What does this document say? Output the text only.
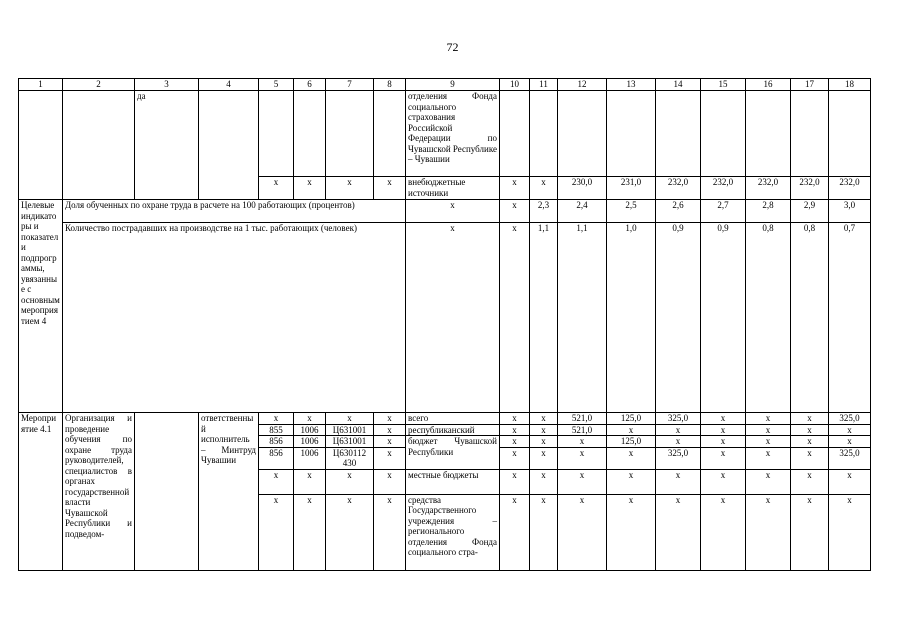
72
1	2	3	4	5	6	7	8	9	10	11	12	13	14	15	16	17	18
		да						отделения Фонда социального страхования Российской Федерации по Чувашской Республике – Чувашии									
				х	х	х	х	внебюджетные источники	х	х	230,0	231,0	232,0	232,0	232,0	232,0	232,0
Целевые индикаторы и показатели подпрограммы, увязанные с основным мероприятием 4	Доля обученных по охране труда в расчете на 100 работающих (процентов)							х	х	2,3	2,4	2,5	2,6	2,7	2,8	2,9	3,0
	Количество пострадавших на производстве на 1 тыс. работающих (человек)							х	х	1,1	1,1	1,0	0,9	0,9	0,8	0,8	0,7
Мероприятие 4.1	Организация и проведение обучения по охране труда руководителей, специалистов в органах государственной власти Чувашской Республики и подведом-		ответственный исполнитель – Минтруд Чувашии	х	х	х	х	всего	х	х	521,0	125,0	325,0	х	х	х	325,0
				855	1006	Ц631001	х	республиканский	х	х	521,0	х	х	х	х	х	х
				856	1006	Ц631001	х	бюджет Чувашской Республики	х	х	х	125,0	х	х	х	х	х
				856	1006	Ц630112 430	х		х	х	х	х	325,0	х	х	х	325,0
				х	х	х	х	местные бюджеты	х	х	х	х	х	х	х	х	х
				х	х	х	х	средства Государственного учреждения – регионального отделения Фонда социального стра-	х	х	х	х	х	х	х	х	х
